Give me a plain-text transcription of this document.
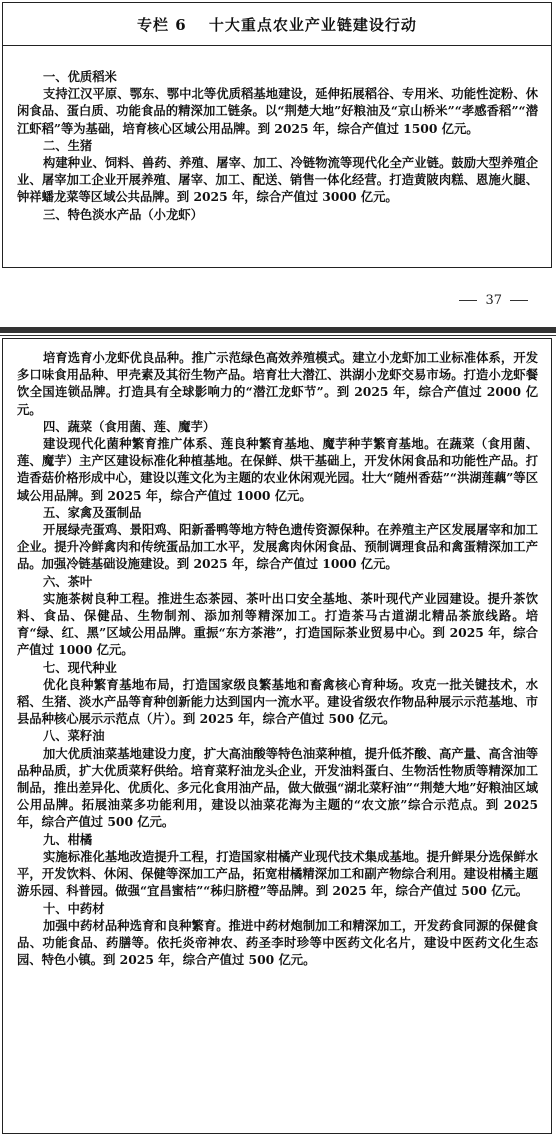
专栏 6　 十大重点农业产业链建设行动
一、优质稻米

支持江汉平原、鄂东、鄂中北等优质稻基地建设，延伸拓展稻谷、专用米、功能性淀粉、休闲食品、蛋白质、功能食品的精深加工链条。以“荆楚大地”好粮油及“京山桥米”“孝感香稻”“潜江虾稻”等为基础，培育核心区域公用品牌。到 2025 年，综合产值过 1500 亿元。

二、生猪

构建种业、饲料、兽药、养殖、屠宰、加工、冷链物流等现代化全产业链。鼓励大型养殖企业、屠宰加工企业开展养殖、屠宰、加工、配送、销售一体化经营。打造黄陂肉糕、恩施火腿、钟祥蟠龙菜等区域公共品牌。到 2025 年，综合产值过 3000 亿元。

三、特色淡水产品（小龙虾）
37

培育选育小龙虾优良品种。推广示范绿色高效养殖模式。建立小龙虾加工业标准体系，开发多口味食用品种、甲壳素及其衍生物产品。培育壮大潜江、洪湖小龙虾交易市场。打造小龙虾餐饮全国连锁品牌。打造具有全球影响力的“潜江龙虾节”。到 2025 年，综合产值过 2000 亿元。

四、蔬菜（食用菌、莲、魔芋）

建设现代化菌种繁育推广体系、莲良种繁育基地、魔芋种芋繁育基地。在蔬菜（食用菌、莲、魔芋）主产区建设标准化种植基地。在保鲜、烘干基础上，开发休闲食品和功能性产品。打造香菇价格形成中心，建设以莲文化为主题的农业休闲观光园。壮大“随州香菇”“洪湖莲藕”等区域公用品牌。到 2025 年，综合产值过 1000 亿元。

五、家禽及蛋制品

开展绿壳蛋鸡、景阳鸡、阳新番鸭等地方特色遗传资源保种。在养殖主产区发展屠宰和加工企业。提升冷鲜禽肉和传统蛋品加工水平，发展禽肉休闲食品、预制调理食品和禽蛋精深加工产品。加强冷链基础设施建设。到 2025 年，综合产值过 1000 亿元。

六、茶叶

实施茶树良种工程。推进生态茶园、茶叶出口安全基地、茶叶现代产业园建设。提升茶饮料、食品、保健品、生物制剂、添加剂等精深加工。打造茶马古道湖北精品茶旅线路。培育“绿、红、黑”区域公用品牌。重振“东方茶港”，打造国际茶业贸易中心。到 2025 年，综合产值过 1000 亿元。

七、现代种业

优化良种繁育基地布局，打造国家级良繁基地和畜禽核心育种场。攻克一批关键技术，水稻、生猪、淡水产品等育种创新能力达到国内一流水平。建设省级农作物品种展示示范基地、市县品种核心展示示范点（片）。到 2025 年，综合产值过 500 亿元。

八、菜籽油

加大优质油菜基地建设力度，扩大高油酸等特色油菜种植，提升低芥酸、高产量、高含油等品种品质，扩大优质菜籽供给。培育菜籽油龙头企业，开发油料蛋白、生物活性物质等精深加工制品，推出差异化、优质化、多元化食用油产品，做大做强“湖北菜籽油”“荆楚大地”好粮油区域公用品牌。拓展油菜多功能利用，建设以油菜花海为主题的“农文旅”综合示范点。到 2025 年，综合产值过 500 亿元。

九、柑橘

实施标准化基地改造提升工程，打造国家柑橘产业现代技术集成基地。提升鲜果分选保鲜水平，开发饮料、休闲、保健等深加工产品，拓宽柑橘精深加工和副产物综合利用。建设柑橘主题游乐园、科普园。做强“宜昌蜜桔”“秭归脐橙”等品牌。到 2025 年，综合产值过 500 亿元。

十、中药材

加强中药材品种选育和良种繁育。推进中药材炮制加工和精深加工，开发药食同源的保健食品、功能食品、药膳等。依托炎帝神农、药圣李时珍等中医药文化名片，建设中医药文化生态园、特色小镇。到 2025 年，综合产值过 500 亿元。
